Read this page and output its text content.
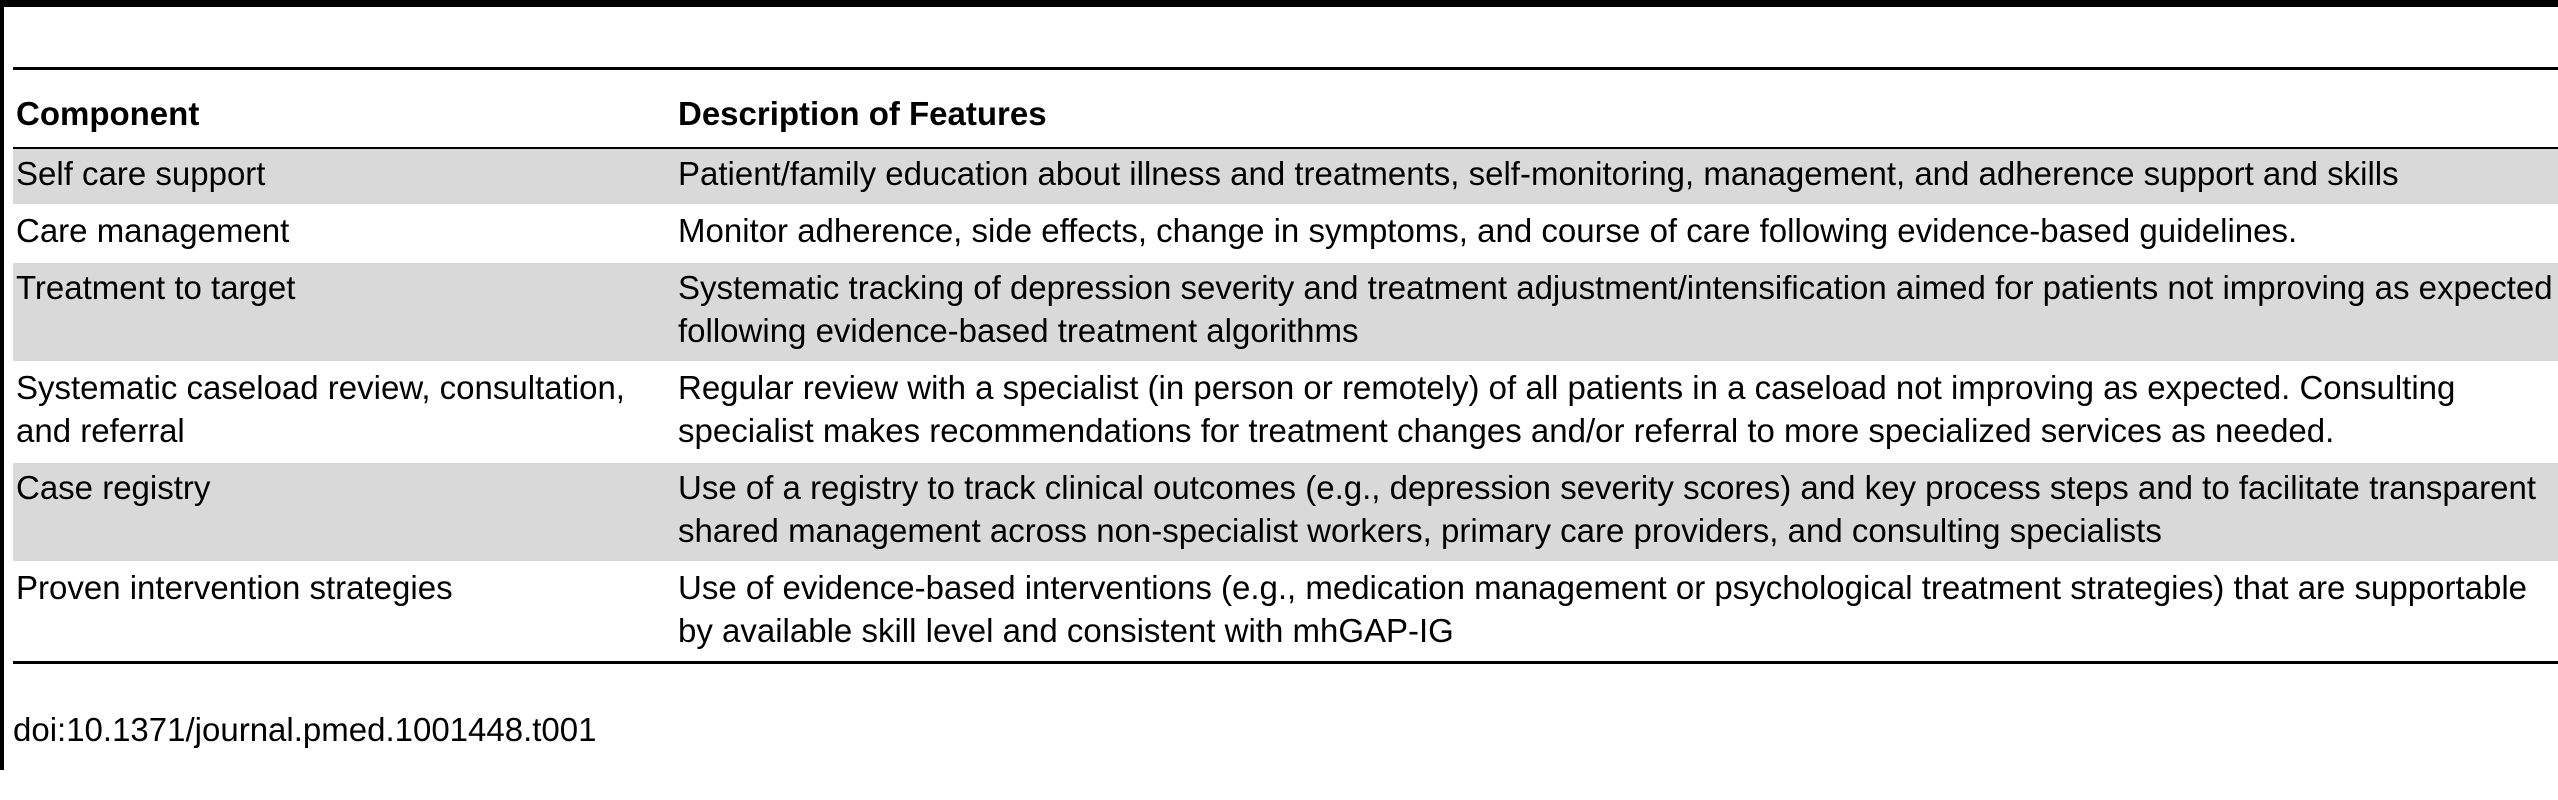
Component	Description of Features
Self care support	Patient/family education about illness and treatments, self-monitoring, management, and adherence support and skills
Care management	Monitor adherence, side effects, change in symptoms, and course of care following evidence-based guidelines.
Treatment to target	Systematic tracking of depression severity and treatment adjustment/intensification aimed for patients not improving as expected following evidence-based treatment algorithms
Systematic caseload review, consultation, and referral	Regular review with a specialist (in person or remotely) of all patients in a caseload not improving as expected. Consulting specialist makes recommendations for treatment changes and/or referral to more specialized services as needed.
Case registry	Use of a registry to track clinical outcomes (e.g., depression severity scores) and key process steps and to facilitate transparent shared management across non-specialist workers, primary care providers, and consulting specialists
Proven intervention strategies	Use of evidence-based interventions (e.g., medication management or psychological treatment strategies) that are supportable by available skill level and consistent with mhGAP-IG
doi:10.1371/journal.pmed.1001448.t001
